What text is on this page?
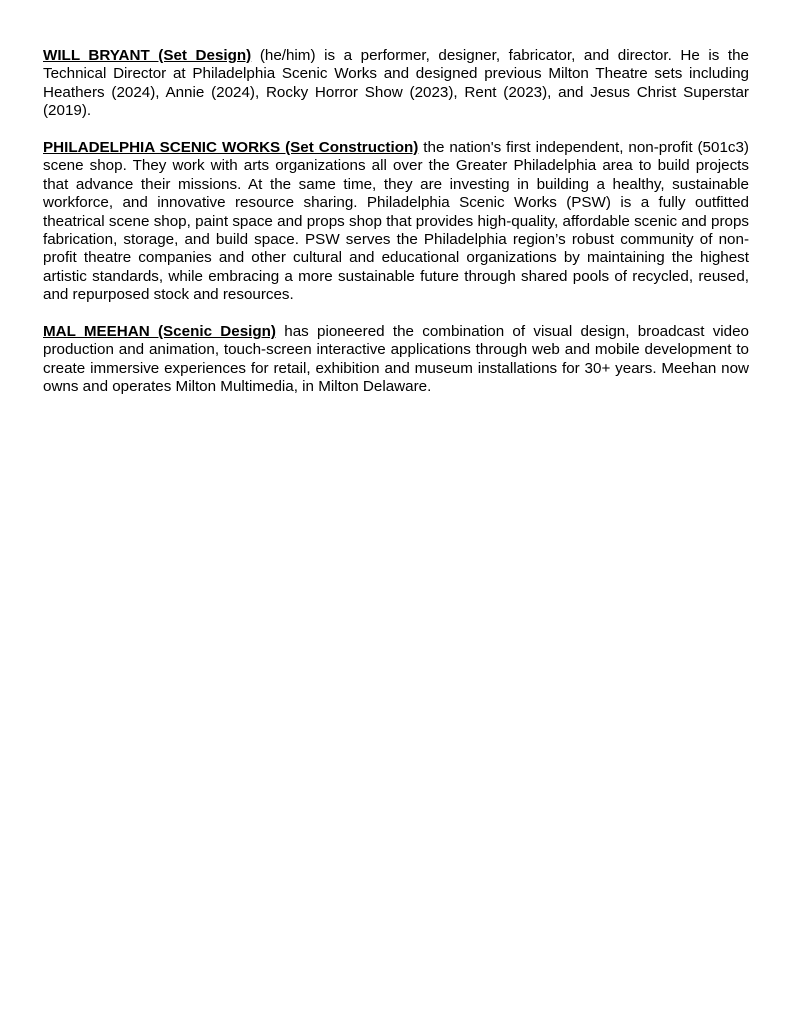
WILL BRYANT (Set Design) (he/him) is a performer, designer, fabricator, and director. He is the Technical Director at Philadelphia Scenic Works and designed previous Milton Theatre sets including Heathers (2024), Annie (2024), Rocky Horror Show (2023), Rent (2023), and Jesus Christ Superstar (2019).

PHILADELPHIA SCENIC WORKS (Set Construction) the nation's first independent, non-profit (501c3) scene shop. They work with arts organizations all over the Greater Philadelphia area to build projects that advance their missions. At the same time, they are investing in building a healthy, sustainable workforce, and innovative resource sharing. Philadelphia Scenic Works (PSW) is a fully outfitted theatrical scene shop, paint space and props shop that provides high-quality, affordable scenic and props fabrication, storage, and build space. PSW serves the Philadelphia region’s robust community of non-profit theatre companies and other cultural and educational organizations by maintaining the highest artistic standards, while embracing a more sustainable future through shared pools of recycled, reused, and repurposed stock and resources.

MAL MEEHAN (Scenic Design) has pioneered the combination of visual design, broadcast video production and animation, touch-screen interactive applications through web and mobile development to create immersive experiences for retail, exhibition and museum installations for 30+ years. Meehan now owns and operates Milton Multimedia, in Milton Delaware.
